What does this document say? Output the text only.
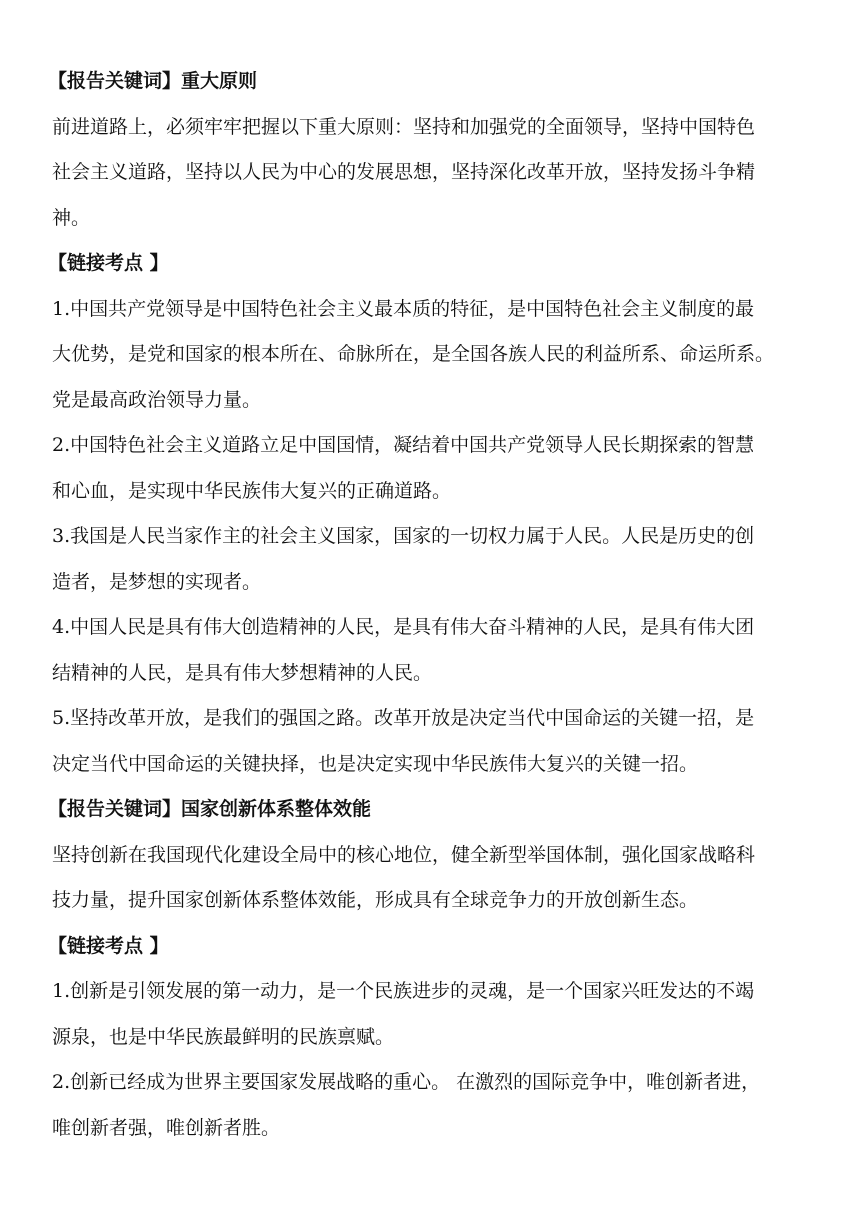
【报告关键词】重大原则
前进道路上，必须牢牢把握以下重大原则：坚持和加强党的全面领导，坚持中国特色
社会主义道路，坚持以人民为中心的发展思想，坚持深化改革开放，坚持发扬斗争精
神。
【链接考点 】
1.中国共产党领导是中国特色社会主义最本质的特征，是中国特色社会主义制度的最
大优势，是党和国家的根本所在、命脉所在，是全国各族人民的利益所系、命运所系。
党是最高政治领导力量。
2.中国特色社会主义道路立足中国国情，凝结着中国共产党领导人民长期探索的智慧
和心血，是实现中华民族伟大复兴的正确道路。
3.我国是人民当家作主的社会主义国家，国家的一切权力属于人民。人民是历史的创
造者，是梦想的实现者。
4.中国人民是具有伟大创造精神的人民，是具有伟大奋斗精神的人民，是具有伟大团
结精神的人民，是具有伟大梦想精神的人民。
5.坚持改革开放，是我们的强国之路。改革开放是决定当代中国命运的关键一招，是
决定当代中国命运的关键抉择，也是决定实现中华民族伟大复兴的关键一招。
【报告关键词】国家创新体系整体效能
坚持创新在我国现代化建设全局中的核心地位，健全新型举国体制，强化国家战略科
技力量，提升国家创新体系整体效能，形成具有全球竞争力的开放创新生态。
【链接考点 】
1.创新是引领发展的第一动力，是一个民族进步的灵魂，是一个国家兴旺发达的不竭
源泉，也是中华民族最鲜明的民族禀赋。
2.创新已经成为世界主要国家发展战略的重心。 在激烈的国际竞争中，唯创新者进，
唯创新者强，唯创新者胜。
